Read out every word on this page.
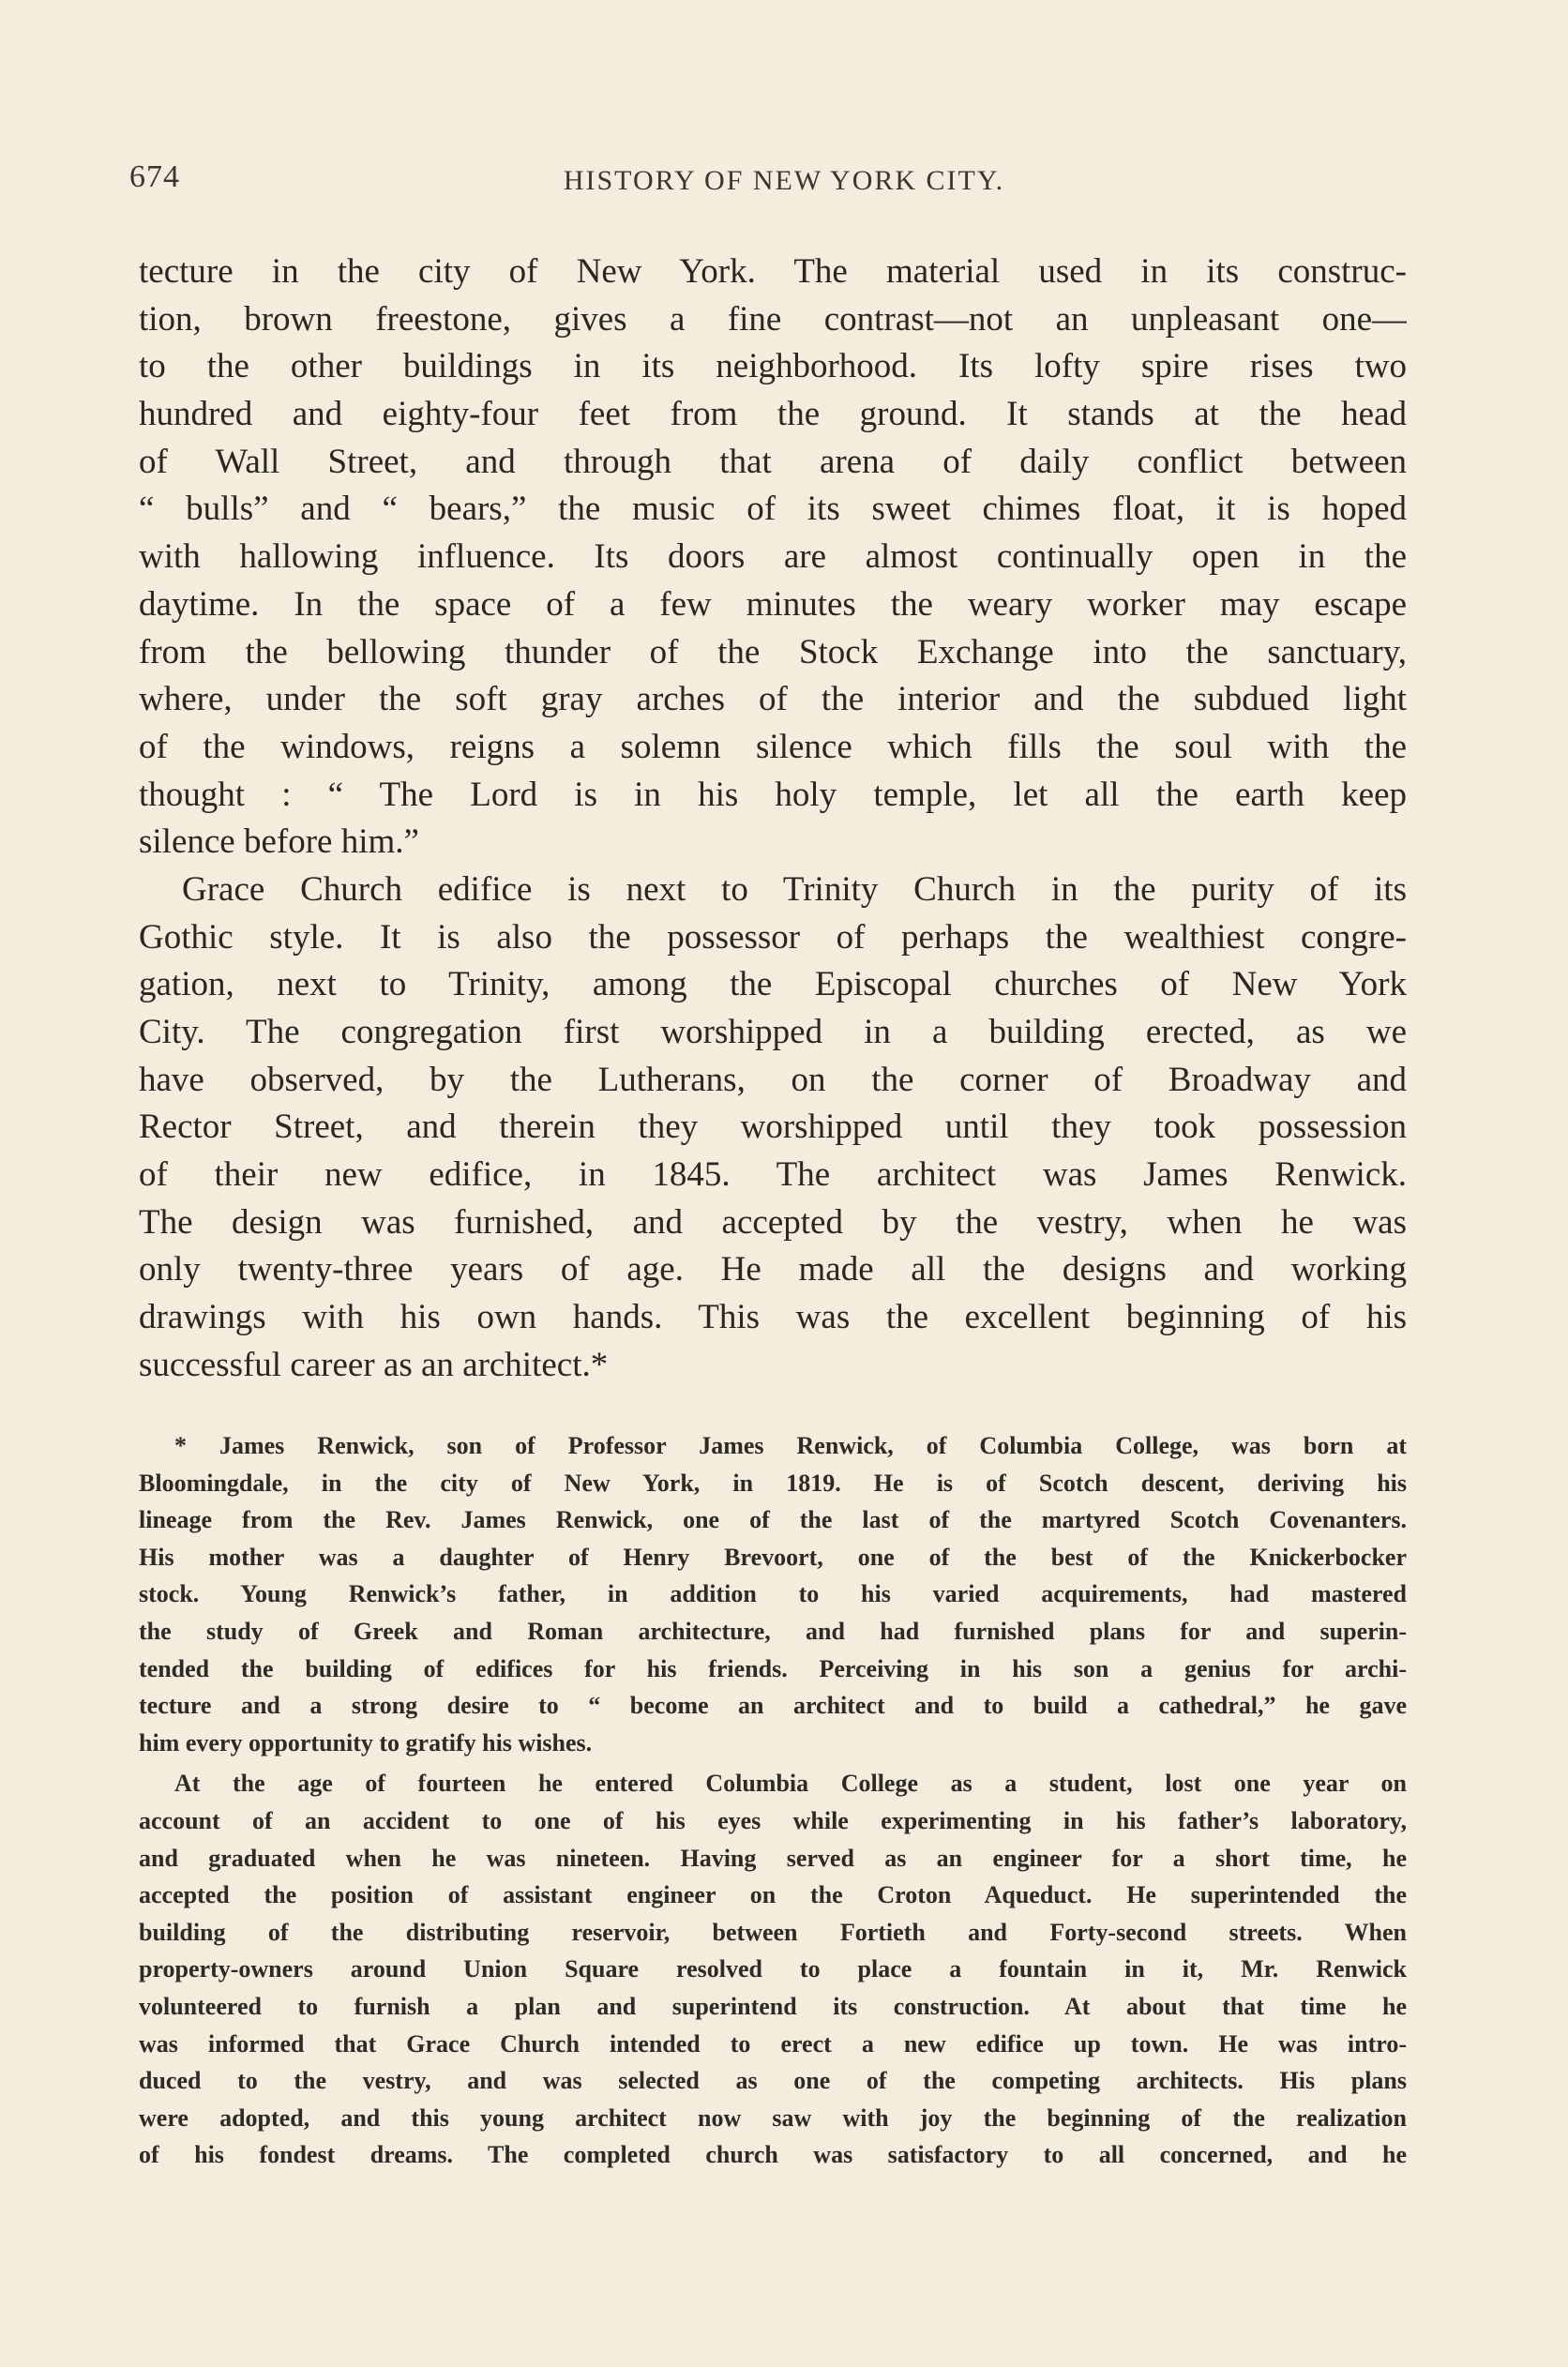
674	HISTORY OF NEW YORK CITY.
tecture in the city of New York. The material used in its construc-
tion, brown freestone, gives a fine contrast—not an unpleasant one—
to the other buildings in its neighborhood. Its lofty spire rises two
hundred and eighty-four feet from the ground. It stands at the head
of Wall Street, and through that arena of daily conflict between
“ bulls” and “ bears,” the music of its sweet chimes float, it is hoped
with hallowing influence. Its doors are almost continually open in the
daytime. In the space of a few minutes the weary worker may escape
from the bellowing thunder of the Stock Exchange into the sanctuary,
where, under the soft gray arches of the interior and the subdued light
of the windows, reigns a solemn silence which fills the soul with the
thought : “ The Lord is in his holy temple, let all the earth keep
silence before him.”
Grace Church edifice is next to Trinity Church in the purity of its
Gothic style. It is also the possessor of perhaps the wealthiest congre-
gation, next to Trinity, among the Episcopal churches of New York
City. The congregation first worshipped in a building erected, as we
have observed, by the Lutherans, on the corner of Broadway and
Rector Street, and therein they worshipped until they took possession
of their new edifice, in 1845. The architect was James Renwick.
The design was furnished, and accepted by the vestry, when he was
only twenty-three years of age. He made all the designs and working
drawings with his own hands. This was the excellent beginning of his
successful career as an architect.*
* James Renwick, son of Professor James Renwick, of Columbia College, was born at
Bloomingdale, in the city of New York, in 1819. He is of Scotch descent, deriving his
lineage from the Rev. James Renwick, one of the last of the martyred Scotch Covenanters.
His mother was a daughter of Henry Brevoort, one of the best of the Knickerbocker
stock. Young Renwick’s father, in addition to his varied acquirements, had mastered
the study of Greek and Roman architecture, and had furnished plans for and superin-
tended the building of edifices for his friends. Perceiving in his son a genius for archi-
tecture and a strong desire to “ become an architect and to build a cathedral,” he gave
him every opportunity to gratify his wishes.
At the age of fourteen he entered Columbia College as a student, lost one year on
account of an accident to one of his eyes while experimenting in his father’s laboratory,
and graduated when he was nineteen. Having served as an engineer for a short time, he
accepted the position of assistant engineer on the Croton Aqueduct. He superintended the
building of the distributing reservoir, between Fortieth and Forty-second streets. When
property-owners around Union Square resolved to place a fountain in it, Mr. Renwick
volunteered to furnish a plan and superintend its construction. At about that time he
was informed that Grace Church intended to erect a new edifice up town. He was intro-
duced to the vestry, and was selected as one of the competing architects. His plans
were adopted, and this young architect now saw with joy the beginning of the realization
of his fondest dreams. The completed church was satisfactory to all concerned, and he
